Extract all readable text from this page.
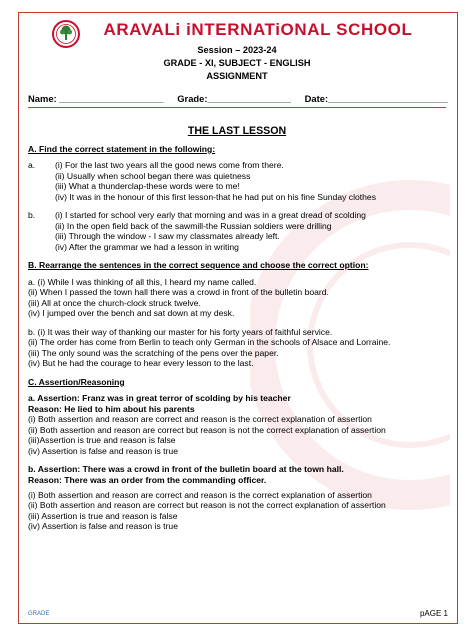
ARAVALi iNTERNATiONAL SCHOOL
Session – 2023-24
GRADE - XI, SUBJECT - ENGLISH
ASSIGNMENT
Name: ____________________ Grade:________________ Date:_______________________
THE LAST LESSON
A. Find the correct statement in the following:
a.	(i) For the last two years all the good news come from there.
(ii) Usually when school began there was quietness
(iii) What a thunderclap-these words were to me!
(iv) It was in the honour of this first lesson-that he had put on his fine Sunday clothes
b.	(i) I started for school very early that morning and was in a great dread of scolding
(ii) In the open field back of the sawmill-the Russian soldiers were drilling
(iii) Through the window - I saw my classmates already left.
(iv) After the grammar we had a lesson in writing
B. Rearrange the sentences in the correct sequence and choose the correct option:
a. (i) While I was thinking of all this, I heard my name called.
(ii) When I passed the town hall there was a crowd in front of the bulletin board.
(iii) All at once the church-clock struck twelve.
(iv) I jumped over the bench and sat down at my desk.
b. (i) It was their way of thanking our master for his forty years of faithful service.
(ii) The order has come from Berlin to teach only German in the schools of Alsace and Lorraine.
(iii) The only sound was the scratching of the pens over the paper.
(iv) But he had the courage to hear every lesson to the last.
C. Assertion/Reasoning
a. Assertion: Franz was in great terror of scolding by his teacher
Reason: He lied to him about his parents
(i) Both assertion and reason are correct and reason is the correct explanation of assertion
(ii) Both assertion and reason are correct but reason is not the correct explanation of assertion
(iii)Assertion is true and reason is false
(iv) Assertion is false and reason is true
b. Assertion: There was a crowd in front of the bulletin board at the town hall.
Reason: There was an order from the commanding officer.
(i) Both assertion and reason are correct and reason is the correct explanation of assertion
(ii) Both assertion and reason are correct but reason is not the correct explanation of assertion
(iii) Assertion is true and reason is false
(iv) Assertion is false and reason is true
GRADE	pAGE 1
